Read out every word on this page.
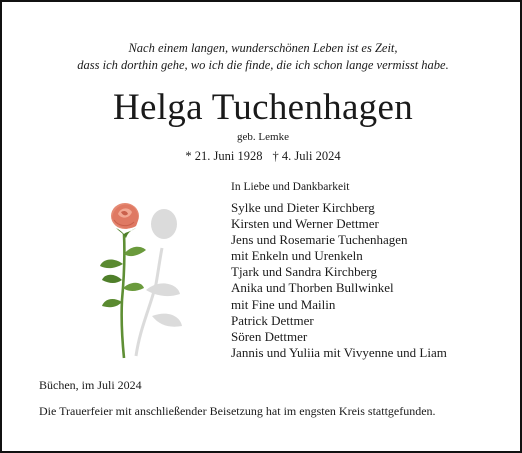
Nach einem langen, wunderschönen Leben ist es Zeit,
dass ich dorthin gehe, wo ich die finde, die ich schon lange vermisst habe.
Helga Tuchenhagen
geb. Lemke
* 21. Juni 1928 † 4. Juli 2024
In Liebe und Dankbarkeit
Sylke und Dieter Kirchberg
Kirsten und Werner Dettmer
Jens und Rosemarie Tuchenhagen
mit Enkeln und Urenkeln
Tjark und Sandra Kirchberg
Anika und Thorben Bullwinkel
mit Fine und Mailin
Patrick Dettmer
Sören Dettmer
Jannis und Yuliia mit Vivyenne und Liam
Büchen, im Juli 2024
Die Trauerfeier mit anschließender Beisetzung hat im engsten Kreis stattgefunden.
